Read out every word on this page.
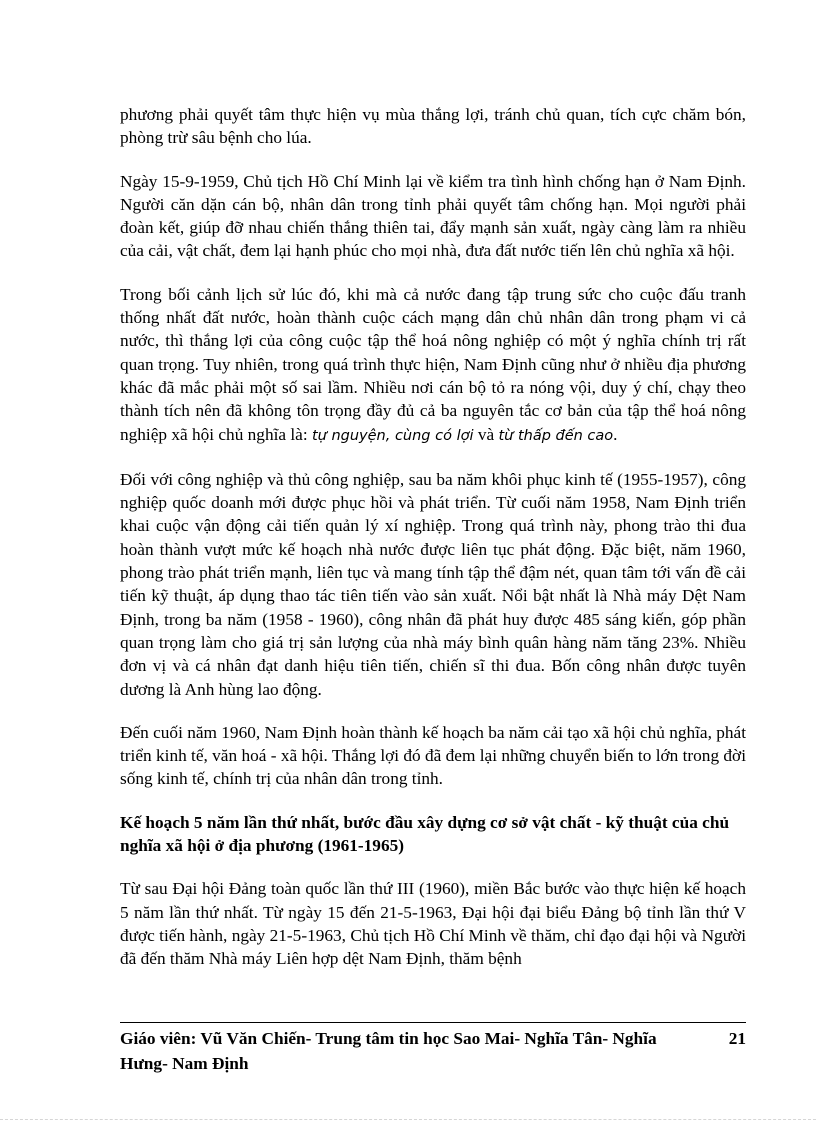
phương phải quyết tâm thực hiện vụ mùa thắng lợi, tránh chủ quan, tích cực chăm bón, phòng trừ sâu bệnh cho lúa.

Ngày 15-9-1959, Chủ tịch Hồ Chí Minh lại về kiểm tra tình hình chống hạn ở Nam Định. Người căn dặn cán bộ, nhân dân trong tỉnh phải quyết tâm chống hạn. Mọi người phải đoàn kết, giúp đỡ nhau chiến thắng thiên tai, đẩy mạnh sản xuất, ngày càng làm ra nhiều của cải, vật chất, đem lại hạnh phúc cho mọi nhà, đưa đất nước tiến lên chủ nghĩa xã hội.

Trong bối cảnh lịch sử lúc đó, khi mà cả nước đang tập trung sức cho cuộc đấu tranh thống nhất đất nước, hoàn thành cuộc cách mạng dân chủ nhân dân trong phạm vi cả nước, thì thắng lợi của công cuộc tập thể hoá nông nghiệp có một ý nghĩa chính trị rất quan trọng. Tuy nhiên, trong quá trình thực hiện, Nam Định cũng như ở nhiều địa phương khác đã mắc phải một số sai lầm. Nhiều nơi cán bộ tỏ ra nóng vội, duy ý chí, chạy theo thành tích nên đã không tôn trọng đầy đủ cả ba nguyên tắc cơ bản của tập thể hoá nông nghiệp xã hội chủ nghĩa là: tự nguyện, cùng có lợi và từ thấp đến cao.

Đối với công nghiệp và thủ công nghiệp, sau ba năm khôi phục kinh tế (1955-1957), công nghiệp quốc doanh mới được phục hồi và phát triển. Từ cuối năm 1958, Nam Định triển khai cuộc vận động cải tiến quản lý xí nghiệp. Trong quá trình này, phong trào thi đua hoàn thành vượt mức kế hoạch nhà nước được liên tục phát động. Đặc biệt, năm 1960, phong trào phát triển mạnh, liên tục và mang tính tập thể đậm nét, quan tâm tới vấn đề cải tiến kỹ thuật, áp dụng thao tác tiên tiến vào sản xuất. Nổi bật nhất là Nhà máy Dệt Nam Định, trong ba năm (1958 - 1960), công nhân đã phát huy được 485 sáng kiến, góp phần quan trọng làm cho giá trị sản lượng của nhà máy bình quân hàng năm tăng 23%. Nhiều đơn vị và cá nhân đạt danh hiệu tiên tiến, chiến sĩ thi đua. Bốn công nhân được tuyên dương là Anh hùng lao động.

Đến cuối năm 1960, Nam Định hoàn thành kế hoạch ba năm cải tạo xã hội chủ nghĩa, phát triển kinh tế, văn hoá - xã hội. Thắng lợi đó đã đem lại những chuyển biến to lớn trong đời sống kinh tế, chính trị của nhân dân trong tỉnh.

Kế hoạch 5 năm lần thứ nhất, bước đầu xây dựng cơ sở vật chất - kỹ thuật của chủ nghĩa xã hội ở địa phương (1961-1965)

Từ sau Đại hội Đảng toàn quốc lần thứ III (1960), miền Bắc bước vào thực hiện kế hoạch 5 năm lần thứ nhất. Từ ngày 15 đến 21-5-1963, Đại hội đại biểu Đảng bộ tỉnh lần thứ V được tiến hành, ngày 21-5-1963, Chủ tịch Hồ Chí Minh về thăm, chỉ đạo đại hội và Người đã đến thăm Nhà máy Liên hợp dệt Nam Định, thăm bệnh

Giáo viên: Vũ Văn Chiến- Trung tâm tin học Sao Mai- Nghĩa Tân- Nghĩa	21
Hưng- Nam Định
